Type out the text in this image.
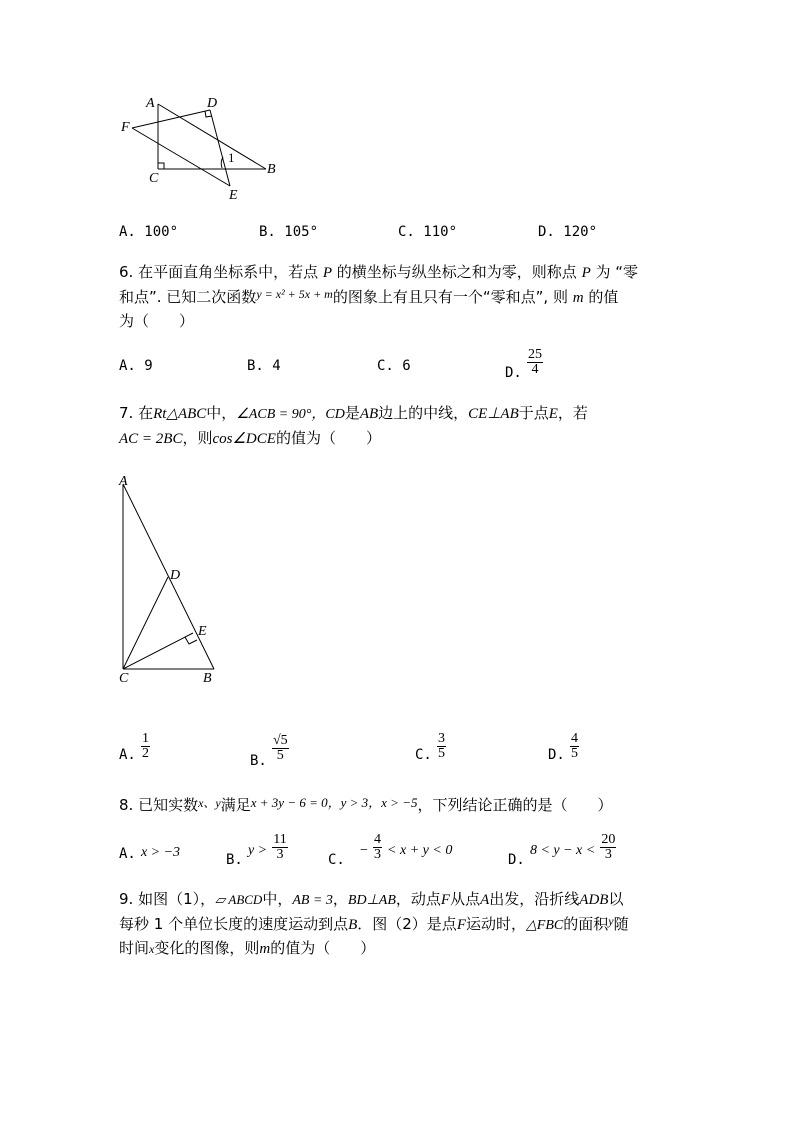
A	D
F
C
B
E
1
A. 100°	B. 105°	C. 110°	D. 120°
6. 在平面直角坐标系中，若点 P 的横坐标与纵坐标之和为零，则称点 P 为 “零
和点”. 已知二次函数$^{y = x^2 + 5x + m}$的图象上有且只有一个“零和点”, 则 m 的值
为（　　）
A. 9	B. 4	C. 6	D. $\frac{25}{4}$
7. 在Rt△ABC中，∠ACB = 90°，CD是AB边上的中线，CE⊥AB于点E，若
AC = 2BC，则cos∠DCE的值为（　　）
A
D
E
C	B
A. $\frac{1}{2}$	B. $\frac{√5}{5}$	C. $\frac{3}{5}$	D. $\frac{4}{5}$
8. 已知实数$^{x、y}$满足x + 3y − 6 = 0，y > 3，x > −5，下列结论正确的是（　　）
A. x > −3	B. $y > \frac{11}{3}$	C. − $\frac{4}{3} < x + y < 0$
D. $8 < y - x < \frac{20}{3}$
9. 如图（1），▱ ABCD中，AB = 3，BD⊥AB，动点F从点A出发，沿折线ADB以
每秒 1 个单位长度的速度运动到点B．图（2）是点F运动时，△FBC的面积$^y$随
时间x变化的图像，则m的值为（　　）
